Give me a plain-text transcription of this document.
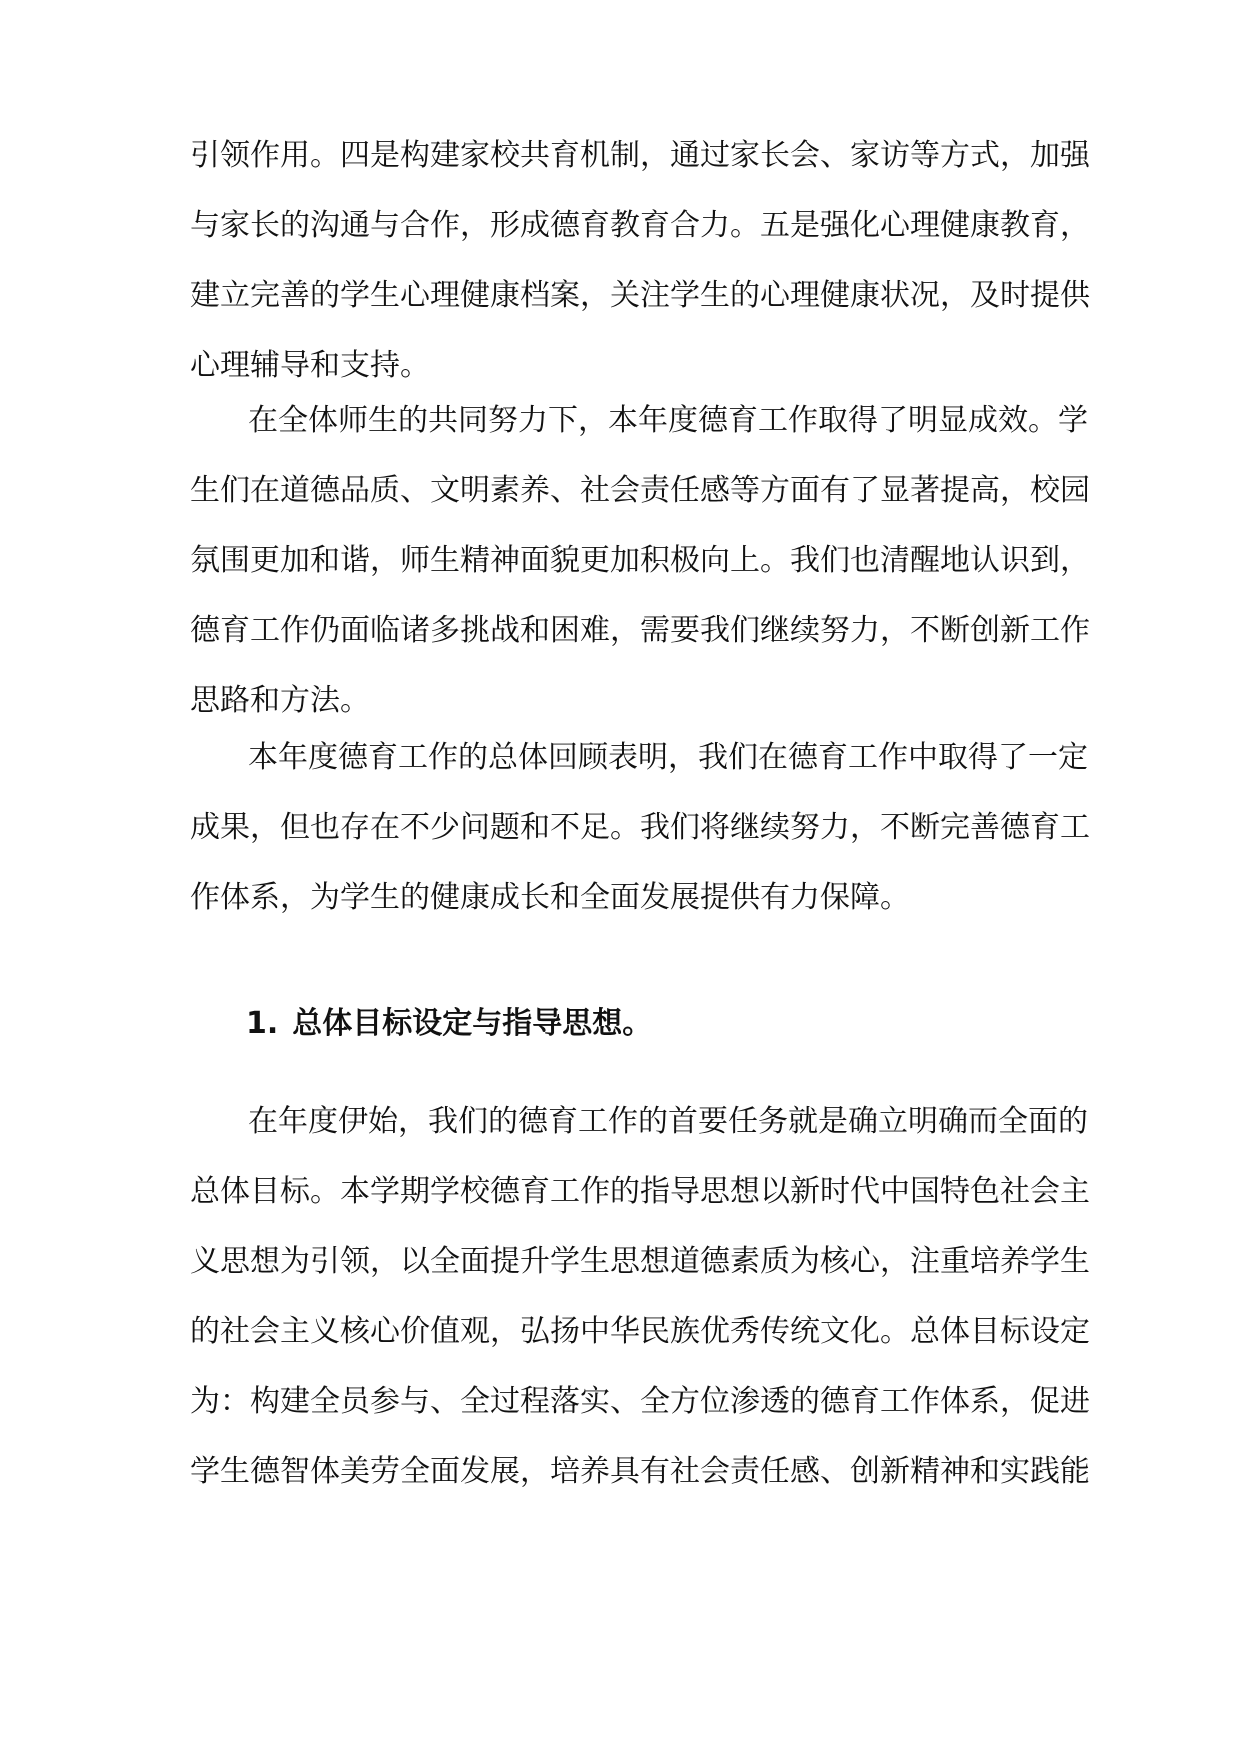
引领作用。四是构建家校共育机制，通过家长会、家访等方式，加强
与家长的沟通与合作，形成德育教育合力。五是强化心理健康教育，
建立完善的学生心理健康档案，关注学生的心理健康状况，及时提供
心理辅导和支持。
在全体师生的共同努力下，本年度德育工作取得了明显成效。学
生们在道德品质、文明素养、社会责任感等方面有了显著提高，校园
氛围更加和谐，师生精神面貌更加积极向上。我们也清醒地认识到，
德育工作仍面临诸多挑战和困难，需要我们继续努力，不断创新工作
思路和方法。
本年度德育工作的总体回顾表明，我们在德育工作中取得了一定
成果，但也存在不少问题和不足。我们将继续努力，不断完善德育工
作体系，为学生的健康成长和全面发展提供有力保障。
1. 总体目标设定与指导思想。
在年度伊始，我们的德育工作的首要任务就是确立明确而全面的
总体目标。本学期学校德育工作的指导思想以新时代中国特色社会主
义思想为引领，以全面提升学生思想道德素质为核心，注重培养学生
的社会主义核心价值观，弘扬中华民族优秀传统文化。总体目标设定
为：构建全员参与、全过程落实、全方位渗透的德育工作体系，促进
学生德智体美劳全面发展，培养具有社会责任感、创新精神和实践能
